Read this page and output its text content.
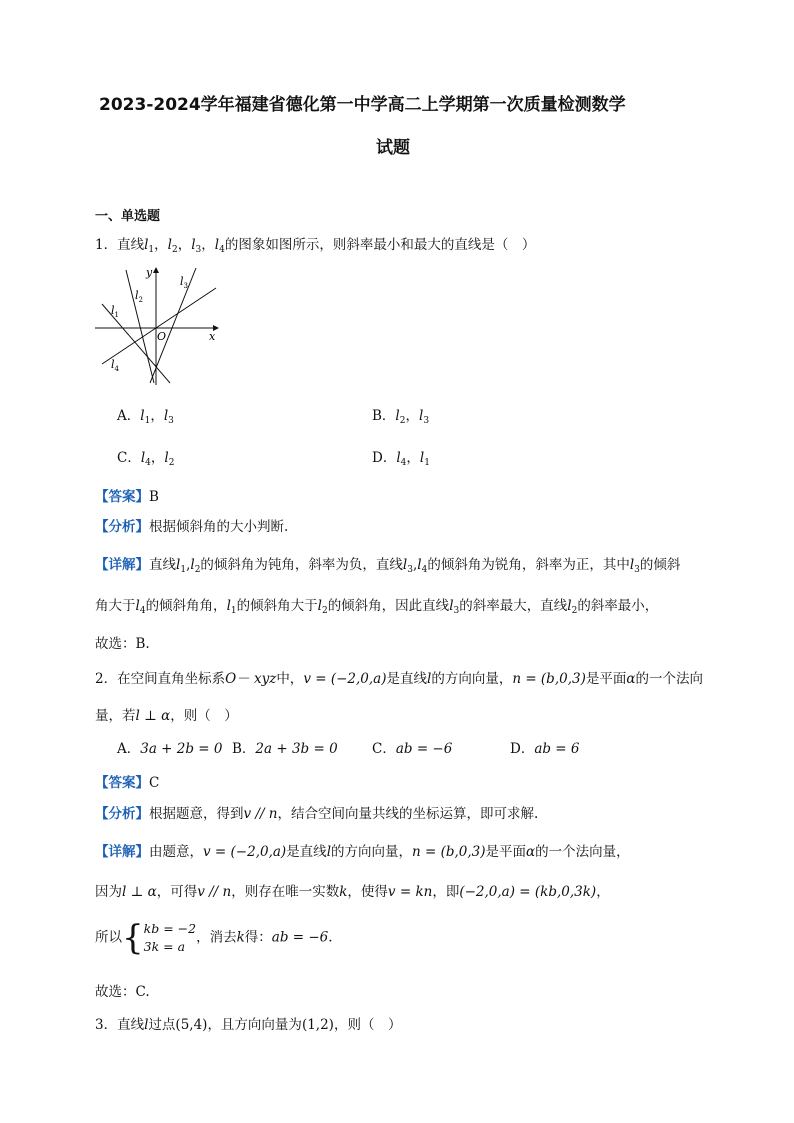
2023-2024学年福建省德化第一中学高二上学期第一次质量检测数学
试题
一、单选题
1．直线$l_1$，$l_2$，$l_3$，$l_4$的图象如图所示，则斜率最小和最大的直线是（　）
y
x
O
$l_1$
$l_2$
$l_3$
$l_4$
A．$l_1$，$l_3$	B．$l_2$，$l_3$
C．$l_4$，$l_2$	D．$l_4$，$l_1$
【答案】B
【分析】根据倾斜角的大小判断.
【详解】直线$l_1,l_2$的倾斜角为钝角，斜率为负，直线$l_3,l_4$的倾斜角为锐角，斜率为正，其中$l_3$的倾斜
角大于$l_4$的倾斜角角，$l_1$的倾斜角大于$l_2$的倾斜角，因此直线$l_3$的斜率最大，直线$l_2$的斜率最小，
故选：B.
2．在空间直角坐标系O－ xyz中，v = (−2,0,a)是直线l的方向向量，n = (b,0,3)是平面α的一个法向
量，若l ⊥ α，则（　）
A．3a + 2b = 0 B．2a + 3b = 0	C．ab = −6	D．ab = 6
【答案】C
【分析】根据题意，得到v // n，结合空间向量共线的坐标运算，即可求解.
【详解】由题意，v = (−2,0,a)是直线l的方向向量，n = (b,0,3)是平面α的一个法向量，
因为l ⊥ α，可得v // n，则存在唯一实数k，使得v = kn，即(−2,0,a) = (kb,0,3k)，
所以{kb = −2
3k = a，消去k得：ab = −6.
故选：C.
3．直线l过点(5,4)，且方向向量为(1,2)，则（　）
